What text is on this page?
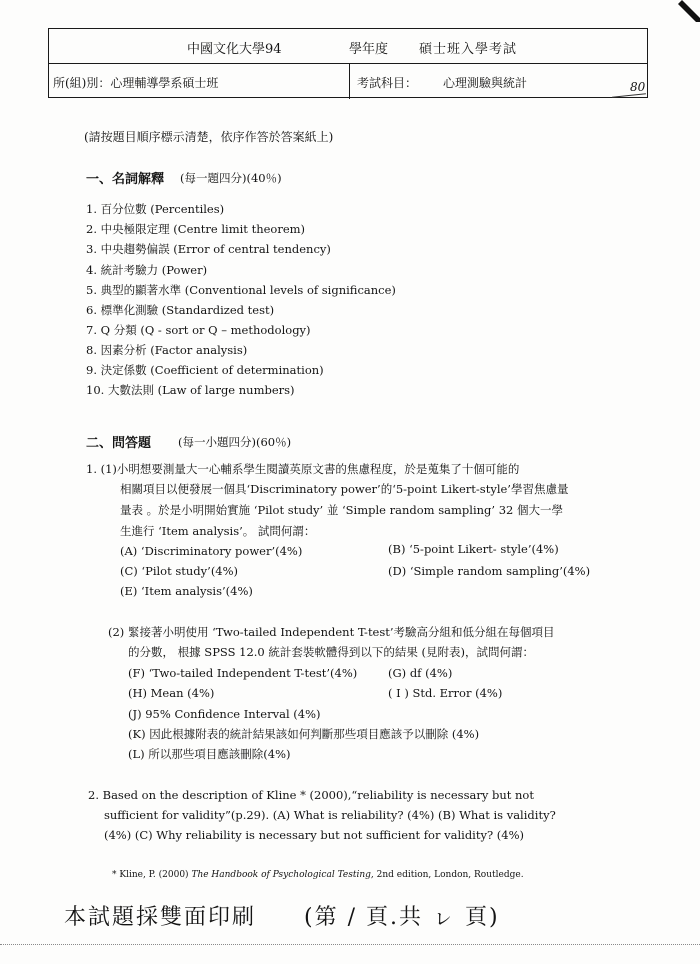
中國文化大學94	學年度 碩士班入學考試
所(組)別：心理輔導學系碩士班	考試科目： 心理測驗與統計	80
(請按題目順序標示清楚，依序作答於答案紙上)
一、名詞解釋 (每一題四分)(40％)
1. 百分位數 (Percentiles)
2. 中央極限定理 (Centre limit theorem)
3. 中央趨勢偏誤 (Error of central tendency)
4. 統計考驗力 (Power)
5. 典型的顯著水準 (Conventional levels of significance)
6. 標準化測驗 (Standardized test)
7. Q 分類 (Q - sort or Q – methodology)
8. 因素分析 (Factor analysis)
9. 決定係數 (Coefficient of determination)
10. 大數法則 (Law of large numbers)
二、問答題 (每一小題四分)(60％)
1. (1)小明想要測量大一心輔系學生閱讀英原文書的焦慮程度，於是蒐集了十個可能的
相關項目以便發展一個具‘Discriminatory power’的‘5-point Likert-style’學習焦慮量
量表 。於是小明開始實施 ‘Pilot study’ 並 ‘Simple random sampling’ 32 個大一學
生進行 ‘Item analysis’。 試問何謂：
(A) ‘Discriminatory power’(4%)	(B) ‘5-point Likert- style’(4%)
(C) ‘Pilot study’(4%)	(D) ‘Simple random sampling’(4%)
(E) ‘Item analysis’(4%)
(2) 緊接著小明使用 ‘Two-tailed Independent T-test’考驗高分組和低分組在每個項目
的分數， 根據 SPSS 12.0 統計套裝軟體得到以下的結果 (見附表)，試問何謂：
(F) ‘Two-tailed Independent T-test’(4%)	(G) df (4%)
(H) Mean (4%)	( I ) Std. Error (4%)
(J) 95% Confidence Interval (4%)
(K) 因此根據附表的統計結果該如何判斷那些項目應該予以刪除 (4%)
(L) 所以那些項目應該刪除(4%)
2. Based on the description of Kline * (2000),“reliability is necessary but not
sufficient for validity”(p.29). (A) What is reliability? (4%) (B) What is validity?
(4%) (C) Why reliability is necessary but not sufficient for validity? (4%)
* Kline, P. (2000) The Handbook of Psychological Testing, 2nd edition, London, Routledge.
本試題採雙面印刷　　(第 / 頁.共 ㇾ 頁)
